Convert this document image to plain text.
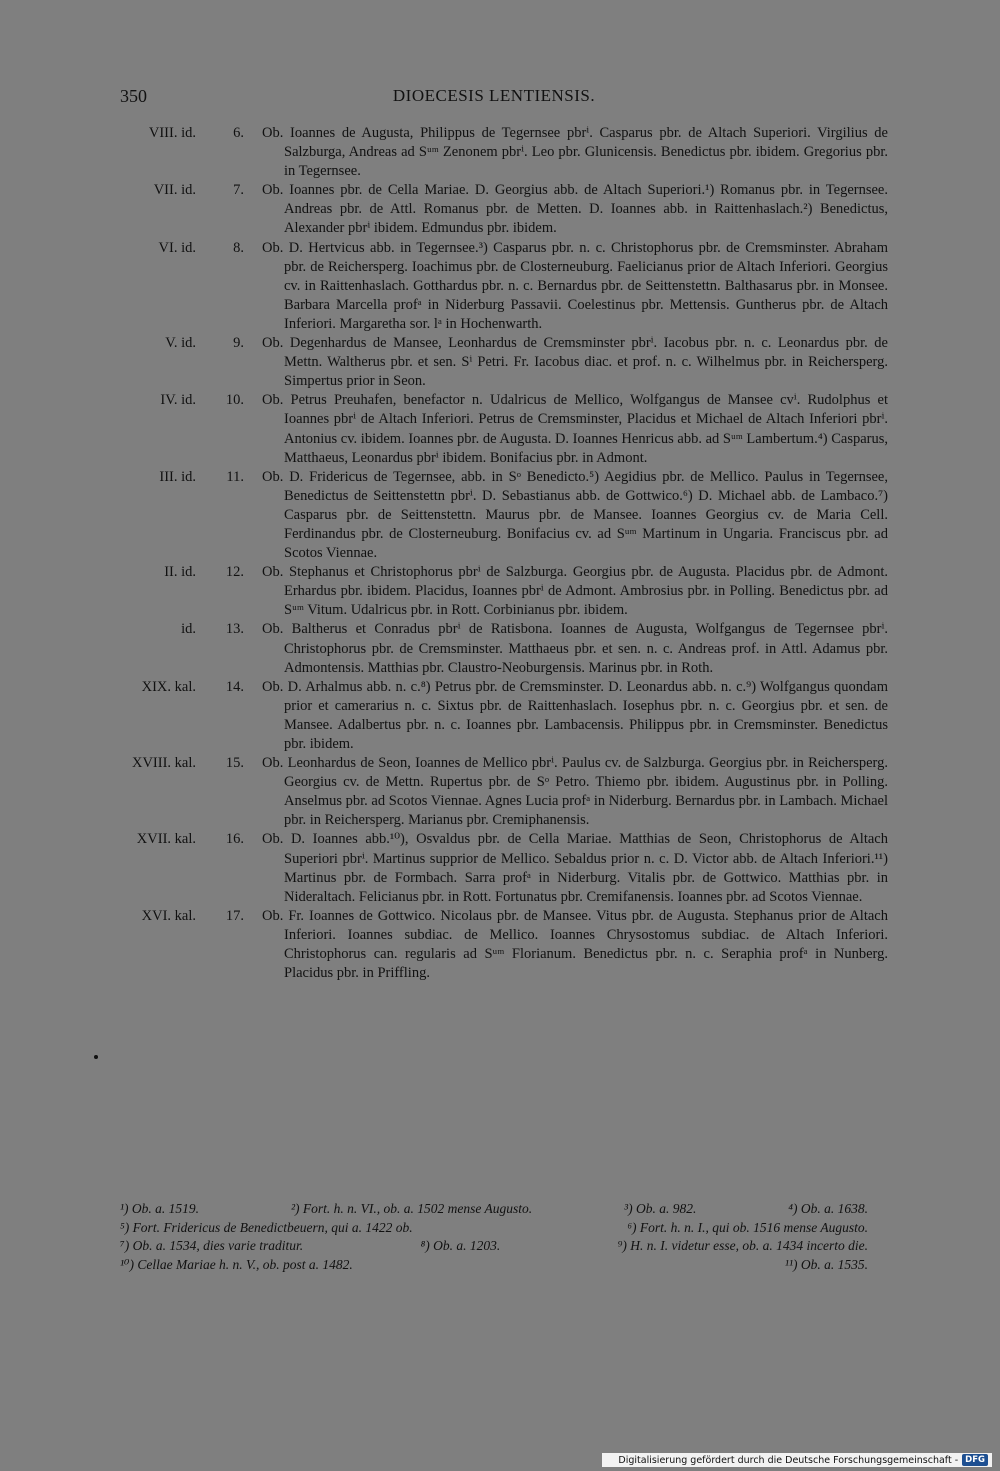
350	DIOECESIS LENTIENSIS.
VIII. id.	6. Ob. Ioannes de Augusta, Philippus de Tegernsee pbrⁱ. Casparus pbr. de Altach Superiori. Virgilius de Salzburga, Andreas ad Sᵘᵐ Zenonem pbrⁱ. Leo pbr. Glunicensis. Benedictus pbr. ibidem. Gregorius pbr. in Tegernsee.
VII. id.	7. Ob. Ioannes pbr. de Cella Mariae. D. Georgius abb. de Altach Superiori.¹) Romanus pbr. in Tegernsee. Andreas pbr. de Attl. Romanus pbr. de Metten. D. Ioannes abb. in Raittenhaslach.²) Benedictus, Alexander pbrⁱ ibidem. Edmundus pbr. ibidem.
VI. id.	8. Ob. D. Hertvicus abb. in Tegernsee.³) Casparus pbr. n. c. Christophorus pbr. de Cremsminster. Abraham pbr. de Reichersperg. Ioachimus pbr. de Closterneuburg. Faelicianus prior de Altach Inferiori. Georgius cv. in Raittenhaslach. Gotthardus pbr. n. c. Bernardus pbr. de Seittenstettn. Balthasarus pbr. in Monsee. Barbara Marcella profᵃ in Niderburg Passavii. Coelestinus pbr. Mettensis. Guntherus pbr. de Altach Inferiori. Margaretha sor. lᵃ in Hochenwarth.
V. id.	9. Ob. Degenhardus de Mansee, Leonhardus de Cremsminster pbrⁱ. Iacobus pbr. n. c. Leonardus pbr. de Mettn. Waltherus pbr. et sen. Sⁱ Petri. Fr. Iacobus diac. et prof. n. c. Wilhelmus pbr. in Reichersperg. Simpertus prior in Seon.
IV. id.	10. Ob. Petrus Preuhafen, benefactor n. Udalricus de Mellico, Wolfgangus de Mansee cvⁱ. Rudolphus et Ioannes pbrⁱ de Altach Inferiori. Petrus de Cremsminster, Placidus et Michael de Altach Inferiori pbrⁱ. Antonius cv. ibidem. Ioannes pbr. de Augusta. D. Ioannes Henricus abb. ad Sᵘᵐ Lambertum.⁴) Casparus, Matthaeus, Leonardus pbrⁱ ibidem. Bonifacius pbr. in Admont.
III. id.	11. Ob. D. Fridericus de Tegernsee, abb. in Sᵒ Benedicto.⁵) Aegidius pbr. de Mellico. Paulus in Tegernsee, Benedictus de Seittenstettn pbrⁱ. D. Sebastianus abb. de Gottwico.⁶) D. Michael abb. de Lambaco.⁷) Casparus pbr. de Seittenstettn. Maurus pbr. de Mansee. Ioannes Georgius cv. de Maria Cell. Ferdinandus pbr. de Closterneuburg. Bonifacius cv. ad Sᵘᵐ Martinum in Ungaria. Franciscus pbr. ad Scotos Viennae.
II. id.	12. Ob. Stephanus et Christophorus pbrⁱ de Salzburga. Georgius pbr. de Augusta. Placidus pbr. de Admont. Erhardus pbr. ibidem. Placidus, Ioannes pbrⁱ de Admont. Ambrosius pbr. in Polling. Benedictus pbr. ad Sᵘᵐ Vitum. Udalricus pbr. in Rott. Corbinianus pbr. ibidem.
id.	13. Ob. Baltherus et Conradus pbrⁱ de Ratisbona. Ioannes de Augusta, Wolfgangus de Tegernsee pbrⁱ. Christophorus pbr. de Cremsminster. Matthaeus pbr. et sen. n. c. Andreas prof. in Attl. Adamus pbr. Admontensis. Matthias pbr. Claustro-Neoburgensis. Marinus pbr. in Roth.
XIX. kal.	14. Ob. D. Arhalmus abb. n. c.⁸) Petrus pbr. de Cremsminster. D. Leonardus abb. n. c.⁹) Wolfgangus quondam prior et camerarius n. c. Sixtus pbr. de Raittenhaslach. Iosephus pbr. n. c. Georgius pbr. et sen. de Mansee. Adalbertus pbr. n. c. Ioannes pbr. Lambacensis. Philippus pbr. in Cremsminster. Benedictus pbr. ibidem.
XVIII. kal.	15. Ob. Leonhardus de Seon, Ioannes de Mellico pbrⁱ. Paulus cv. de Salzburga. Georgius pbr. in Reichersperg. Georgius cv. de Mettn. Rupertus pbr. de Sᵒ Petro. Thiemo pbr. ibidem. Augustinus pbr. in Polling. Anselmus pbr. ad Scotos Viennae. Agnes Lucia profᵃ in Niderburg. Bernardus pbr. in Lambach. Michael pbr. in Reichersperg. Marianus pbr. Cremiphanensis.
XVII. kal.	16. Ob. D. Ioannes abb.¹⁰), Osvaldus pbr. de Cella Mariae. Matthias de Seon, Christophorus de Altach Superiori pbrⁱ. Martinus supprior de Mellico. Sebaldus prior n. c. D. Victor abb. de Altach Inferiori.¹¹) Martinus pbr. de Formbach. Sarra profᵃ in Niderburg. Vitalis pbr. de Gottwico. Matthias pbr. in Nideraltach. Felicianus pbr. in Rott. Fortunatus pbr. Cremifanensis. Ioannes pbr. ad Scotos Viennae.
XVI. kal.	17. Ob. Fr. Ioannes de Gottwico. Nicolaus pbr. de Mansee. Vitus pbr. de Augusta. Stephanus prior de Altach Inferiori. Ioannes subdiac. de Mellico. Ioannes Chrysostomus subdiac. de Altach Inferiori. Christophorus can. regularis ad Sᵘᵐ Florianum. Benedictus pbr. n. c. Seraphia profᵃ in Nunberg. Placidus pbr. in Priffling.
¹) Ob. a. 1519.	²) Fort. h. n. VI., ob. a. 1502 mense Augusto.	³) Ob. a. 982.	⁴) Ob. a. 1638.
⁵) Fort. Fridericus de Benedictbeuern, qui a. 1422 ob.	⁶) Fort. h. n. I., qui ob. 1516 mense Augusto.
⁷) Ob. a. 1534, dies varie traditur.	⁸) Ob. a. 1203.	⁹) H. n. I. videtur esse, ob. a. 1434 incerto die.
¹⁰) Cellae Mariae h. n. V., ob. post a. 1482.	¹¹) Ob. a. 1535.
Digitalisierung gefördert durch die Deutsche Forschungsgemeinschaft - DFG
